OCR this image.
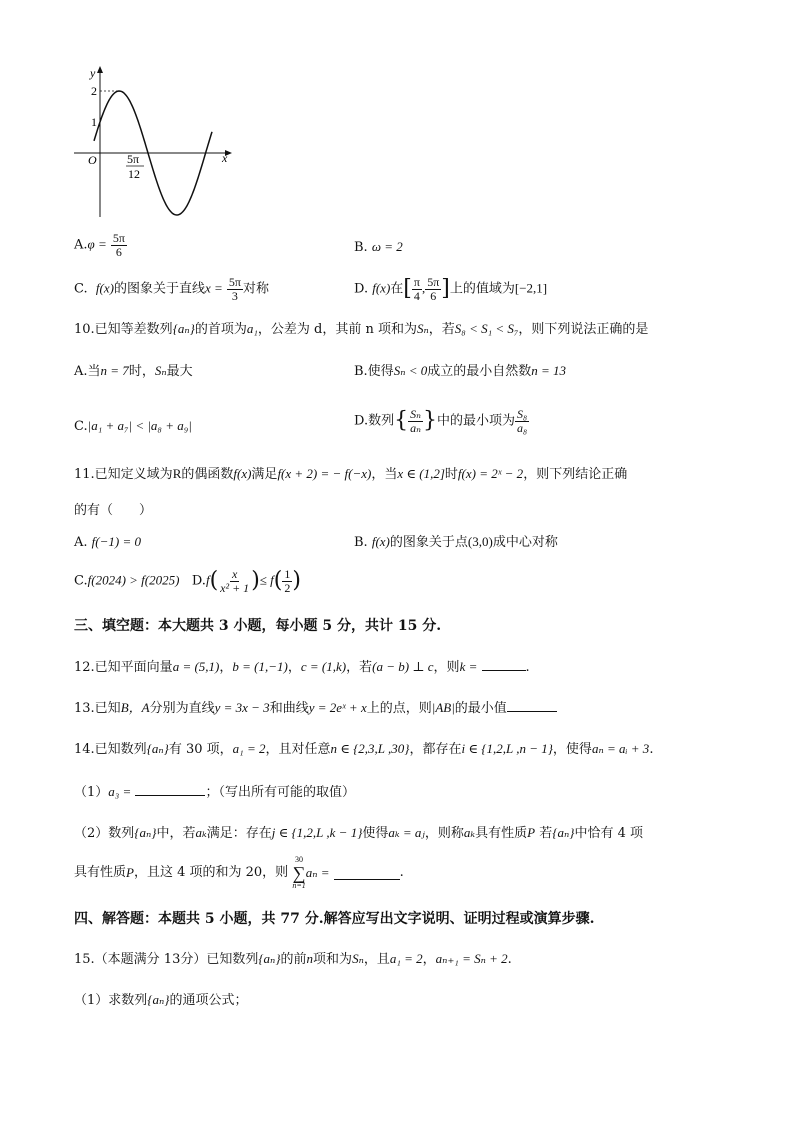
y
x
O
2
1
5π
12
$A.\varphi = \frac{5\pi}{6}$	B. ω = 2
C. f(x)的图象关于直线$x = \frac{5\pi}{3}$ 对称	D. f(x)在[ $\frac{\pi}{4}$ , $\frac{5\pi}{6}$ ]上的值域为[−2,1]
10.已知等差数列{aₙ}的首项为a₁，公差为 d，其前 n 项和为Sₙ，若S₈ < S₁ < S₇，则下列说法正确的是
A.当n = 7时，Sₙ最大	B.使得Sₙ < 0成立的最小自然数n = 13
C.|a₁ + a₇| < |a₈ + a₉|	D.数列{ $\frac{\text{Sₙ}}{\text{aₙ}}$ }中的最小项为 $\frac{\text{S₈}}{\text{a₈}}$
11.已知定义域为R的偶函数f(x)满足f(x + 2) = − f(−x)，当x ∈ (1,2]时f(x) = 2ˣ − 2，则下列结论正确
的有（　　）
A. f(−1) = 0	B. f(x)的图象关于点(3,0)成中心对称
C.f(2024) > f(2025) $D.f( \frac{x}{\text{x² + 1}}$ )≤ $f( \frac{1}{2}$ )
三、填空题：本大题共 3 小题，每小题 5 分，共计 15 分.
12.已知平面向量a = (5,1)，b = (1,−1)，c = (1,k)，若(a − b) ⊥ c，则k =	.
13.已知B，A分别为直线y = 3x − 3和曲线y = 2eˣ + x上的点，则|AB|的最小值
14.已知数列{aₙ}有 30 项，a₁ = 2，且对任意n ∈ {2,3,L ,30}，都存在i ∈ {1,2,L ,n − 1}，使得aₙ = aᵢ + 3.
（1）a₃ =	；（写出所有可能的取值）
（2）数列{aₙ}中，若aₖ满足：存在j ∈ {1,2,L ,k − 1}使得aₖ = aⱼ，则称aₖ具有性质P 若{aₙ}中恰有 4 项
具有性质P，且这 4 项的和为 20，则
30
∑
n=1
aₙ =	.
四、解答题：本题共 5 小题，共 77 分.解答应写出文字说明、证明过程或演算步骤.
15.（本题满分 13分）已知数列{aₙ}的前n项和为Sₙ，且a₁ = 2，aₙ₊₁ = Sₙ + 2.
（1）求数列{aₙ}的通项公式；
